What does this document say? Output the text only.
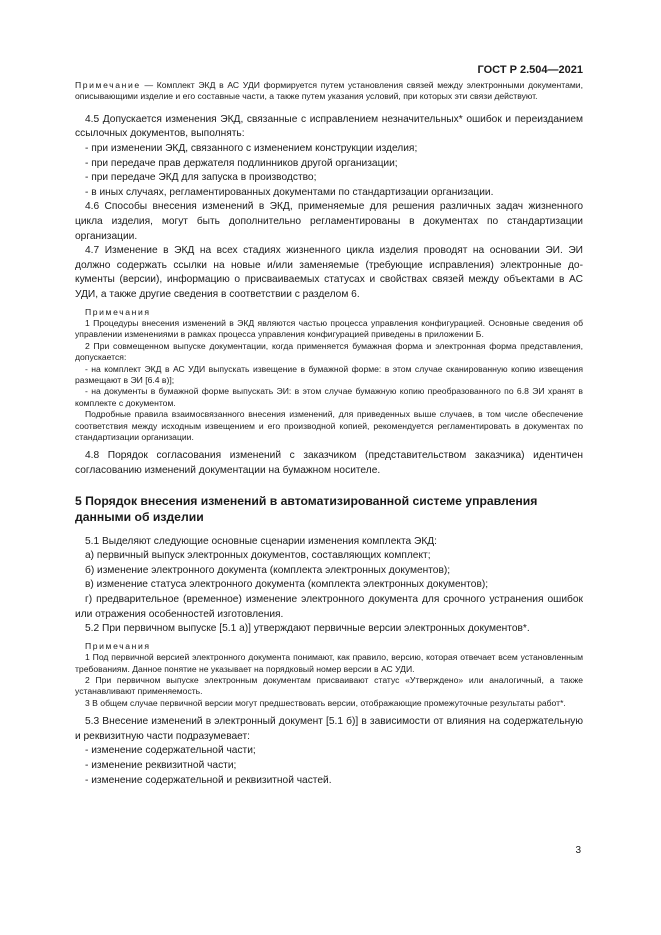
ГОСТ Р 2.504—2021

Примечание — Комплект ЭКД в АС УДИ формируется путем установления связей между электронными документами, описывающими изделие и его составные части, а также путем указания условий, при которых эти связи действуют.

4.5 Допускается изменения ЭКД, связанные с исправлением незначительных* ошибок и переизданием ссылочных документов, выполнять:

- при изменении ЭКД, связанного с изменением конструкции изделия;

- при передаче прав держателя подлинников другой организации;

- при передаче ЭКД для запуска в производство;

- в иных случаях, регламентированных документами по стандартизации организации.

4.6 Способы внесения изменений в ЭКД, применяемые для решения различных задач жизненного цикла изделия, могут быть дополнительно регламентированы в документах по стандартизации организации.

4.7 Изменение в ЭКД на всех стадиях жизненного цикла изделия проводят на основании ЭИ. ЭИ должно содержать ссылки на новые и/или заменяемые (требующие исправления) электронные документы (версии), информацию о присваиваемых статусах и свойствах связей между объектами в АС УДИ, а также другие сведения в соответствии с разделом 6.

Примечания

1 Процедуры внесения изменений в ЭКД являются частью процесса управления конфигурацией. Основные сведения об управлении изменениями в рамках процесса управления конфигурацией приведены в приложении Б.

2 При совмещенном выпуске документации, когда применяется бумажная форма и электронная форма представления, допускается:

- на комплект ЭКД в АС УДИ выпускать извещение в бумажной форме: в этом случае сканированную копию извещения размещают в ЭИ [6.4 в)];

- на документы в бумажной форме выпускать ЭИ: в этом случае бумажную копию преобразованного по 6.8 ЭИ хранят в комплекте с документом.

Подробные правила взаимосвязанного внесения изменений, для приведенных выше случаев, в том числе обеспечение соответствия между исходным извещением и его производной копией, рекомендуется регламентировать в документах по стандартизации организации.

4.8 Порядок согласования изменений с заказчиком (представительством заказчика) идентичен согласованию изменений документации на бумажном носителе.

5 Порядок внесения изменений в автоматизированной системе управления данными об изделии

5.1 Выделяют следующие основные сценарии изменения комплекта ЭКД:

а) первичный выпуск электронных документов, составляющих комплект;

б) изменение электронного документа (комплекта электронных документов);

в) изменение статуса электронного документа (комплекта электронных документов);

г) предварительное (временное) изменение электронного документа для срочного устранения ошибок или отражения особенностей изготовления.

5.2 При первичном выпуске [5.1 а)] утверждают первичные версии электронных документов*.

Примечания

1 Под первичной версией электронного документа понимают, как правило, версию, которая отвечает всем установленным требованиям. Данное понятие не указывает на порядковый номер версии в АС УДИ.

2 При первичном выпуске электронным документам присваивают статус «Утверждено» или аналогичный, а также устанавливают применяемость.

3 В общем случае первичной версии могут предшествовать версии, отображающие промежуточные результаты работ*.

5.3 Внесение изменений в электронный документ [5.1 б)] в зависимости от влияния на содержательную и реквизитную части подразумевает:

- изменение содержательной части;

- изменение реквизитной части;

- изменение содержательной и реквизитной частей.

3
